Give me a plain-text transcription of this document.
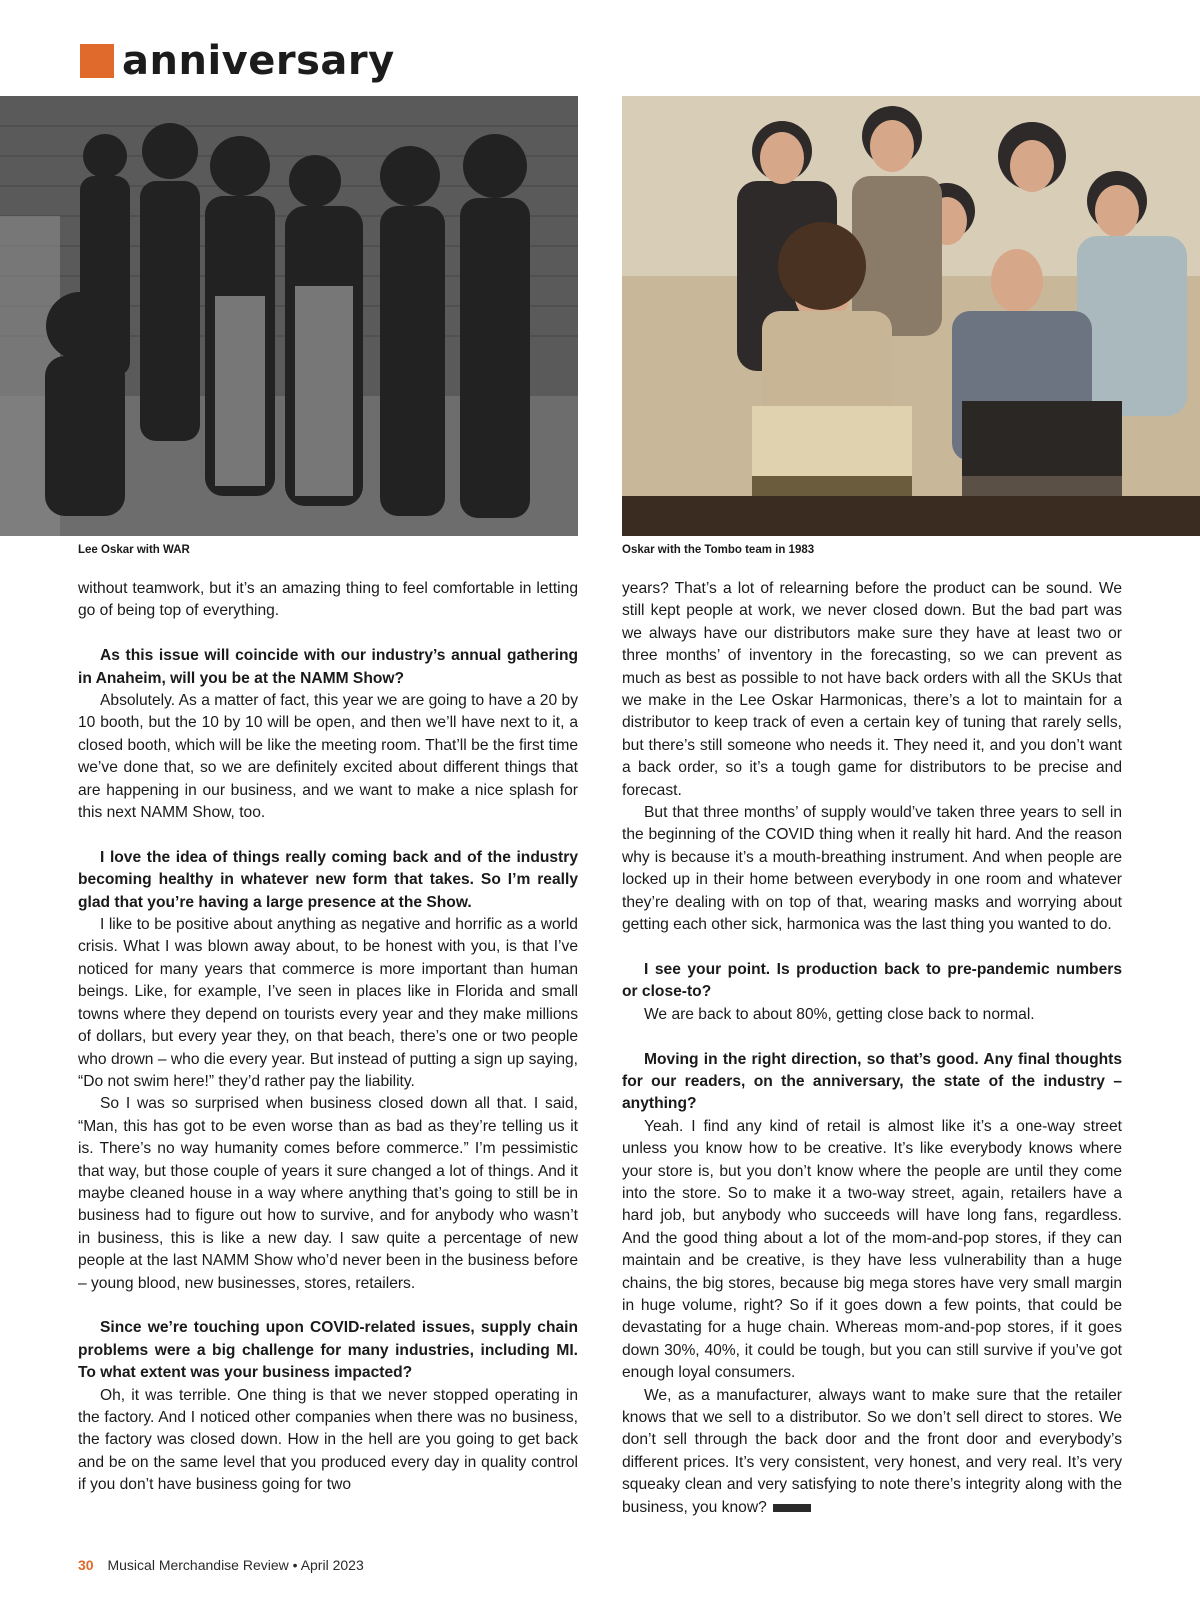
anniversary
Lee Oskar with WAR	Oskar with the Tombo team in 1983

without teamwork, but it’s an amazing thing to feel comfortable in letting go of being top of everything.

As this issue will coincide with our industry’s annual gathering in Anaheim, will you be at the NAMM Show?

Absolutely. As a matter of fact, this year we are going to have a 20 by 10 booth, but the 10 by 10 will be open, and then we’ll have next to it, a closed booth, which will be like the meeting room. That’ll be the first time we’ve done that, so we are definitely excited about different things that are happening in our business, and we want to make a nice splash for this next NAMM Show, too.

I love the idea of things really coming back and of the industry becoming healthy in whatever new form that takes. So I’m really glad that you’re having a large presence at the Show.

I like to be positive about anything as negative and horrific as a world crisis. What I was blown away about, to be honest with you, is that I’ve noticed for many years that commerce is more important than human beings. Like, for example, I’ve seen in places like in Florida and small towns where they depend on tourists every year and they make millions of dollars, but every year they, on that beach, there’s one or two people who drown – who die every year. But instead of putting a sign up saying, “Do not swim here!” they’d rather pay the liability.

So I was so surprised when business closed down all that. I said, “Man, this has got to be even worse than as bad as they’re telling us it is. There’s no way humanity comes before commerce.” I’m pessimistic that way, but those couple of years it sure changed a lot of things. And it maybe cleaned house in a way where anything that’s going to still be in business had to figure out how to survive, and for anybody who wasn’t in business, this is like a new day. I saw quite a percentage of new people at the last NAMM Show who’d never been in the business before – young blood, new businesses, stores, retailers.

Since we’re touching upon COVID-related issues, supply chain problems were a big challenge for many industries, including MI. To what extent was your business impacted?

Oh, it was terrible. One thing is that we never stopped operating in the factory. And I noticed other companies when there was no business, the factory was closed down. How in the hell are you going to get back and be on the same level that you produced every day in quality control if you don’t have business going for two

years? That’s a lot of relearning before the product can be sound. We still kept people at work, we never closed down. But the bad part was we always have our distributors make sure they have at least two or three months’ of inventory in the forecasting, so we can prevent as much as best as possible to not have back orders with all the SKUs that we make in the Lee Oskar Harmonicas, there’s a lot to maintain for a distributor to keep track of even a certain key of tuning that rarely sells, but there’s still someone who needs it. They need it, and you don’t want a back order, so it’s a tough game for distributors to be precise and forecast.

But that three months’ of supply would’ve taken three years to sell in the beginning of the COVID thing when it really hit hard. And the reason why is because it’s a mouth-breathing instrument. And when people are locked up in their home between everybody in one room and whatever they’re dealing with on top of that, wearing masks and worrying about getting each other sick, harmonica was the last thing you wanted to do.

I see your point. Is production back to pre-pandemic numbers or close-to?

We are back to about 80%, getting close back to normal.

Moving in the right direction, so that’s good. Any final thoughts for our readers, on the anniversary, the state of the industry – anything?

Yeah. I find any kind of retail is almost like it’s a one-way street unless you know how to be creative. It’s like everybody knows where your store is, but you don’t know where the people are until they come into the store. So to make it a two-way street, again, retailers have a hard job, but anybody who succeeds will have long fans, regardless. And the good thing about a lot of the mom-and-pop stores, if they can maintain and be creative, is they have less vulnerability than a huge chains, the big stores, because big mega stores have very small margin in huge volume, right? So if it goes down a few points, that could be devastating for a huge chain. Whereas mom-and-pop stores, if it goes down 30%, 40%, it could be tough, but you can still survive if you’ve got enough loyal consumers.

We, as a manufacturer, always want to make sure that the retailer knows that we sell to a distributor. So we don’t sell direct to stores. We don’t sell through the back door and the front door and everybody’s different prices. It’s very consistent, very honest, and very real. It’s very squeaky clean and very satisfying to note there’s integrity along with the business, you know?

30 Musical Merchandise Review • April 2023
